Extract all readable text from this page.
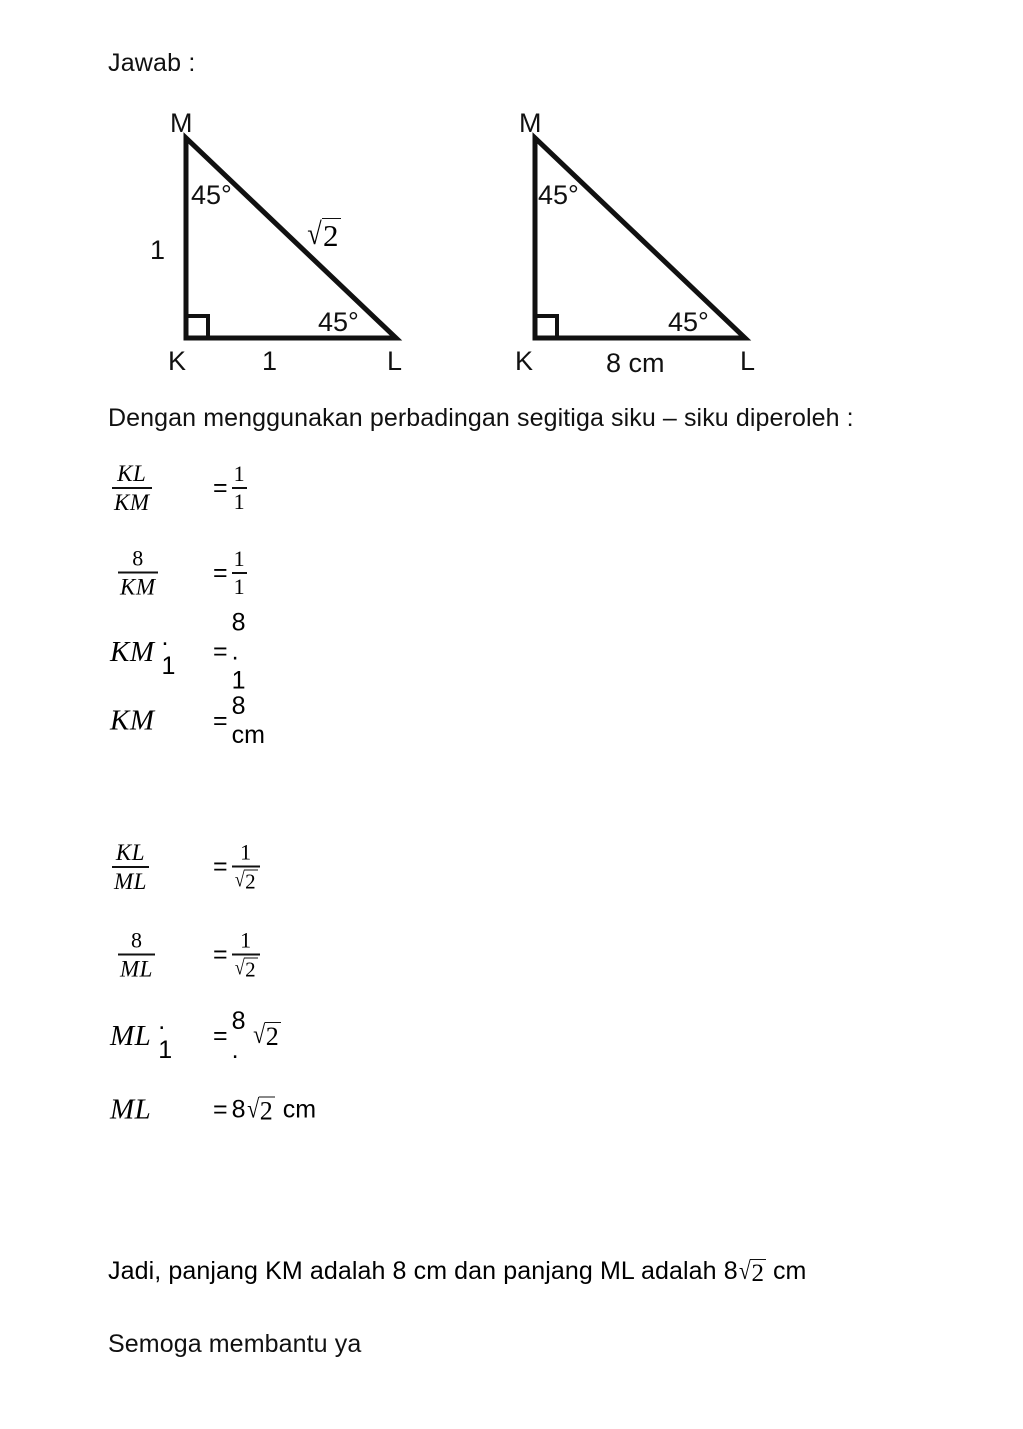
Jawab :
M
K	L
45°
45°
1
1
√ 2
M
K	L
45°
45°
8 cm
Dengan menggunakan perbadingan segitiga siku – siku diperoleh :
$\frac{KL}{KM} = \frac{1}{1}$
$\frac{8}{KM} = \frac{1}{1}$
KM . 1
=
8 . 1
KM =
8 cm
$\frac{KL}{ML}$	= $\frac{1}{√ 2}$
$\frac{8}{ML} = \frac{1}{√ 2}$
ML . 1
=
8 .
√ 2
ML = 8 √ 2 cm
Jadi, panjang KM adalah 8 cm dan panjang ML adalah 8 √ 2 cm
Semoga membantu ya
